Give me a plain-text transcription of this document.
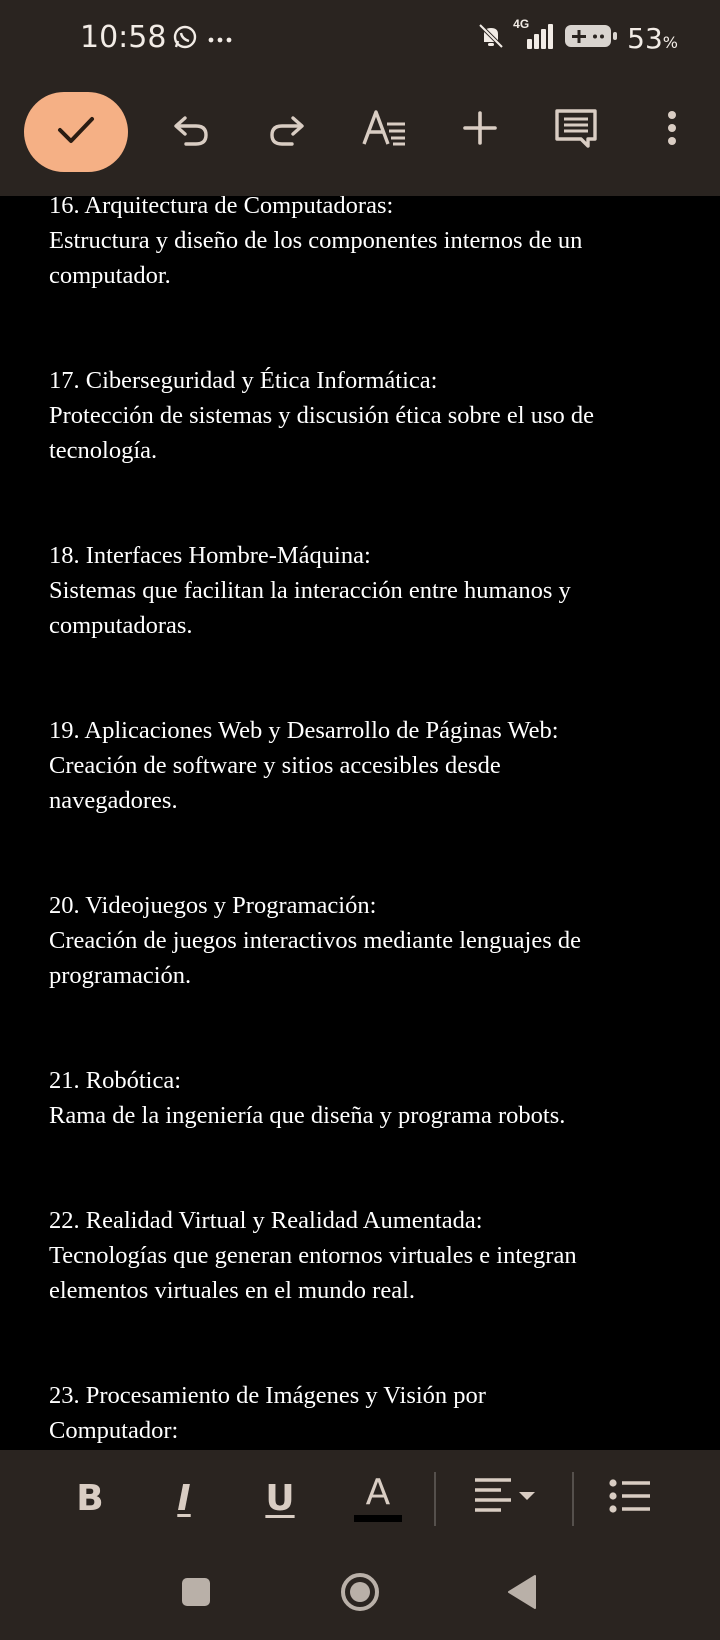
10:58	4G	53%

16. Arquitectura de Computadoras:

Estructura y diseño de los componentes internos de un

computador.

17. Ciberseguridad y Ética Informática:

Protección de sistemas y discusión ética sobre el uso de

tecnología.

18. Interfaces Hombre-Máquina:

Sistemas que facilitan la interacción entre humanos y

computadoras.

19. Aplicaciones Web y Desarrollo de Páginas Web:

Creación de software y sitios accesibles desde

navegadores.

20. Videojuegos y Programación:

Creación de juegos interactivos mediante lenguajes de

programación.

21. Robótica:

Rama de la ingeniería que diseña y programa robots.

22. Realidad Virtual y Realidad Aumentada:

Tecnologías que generan entornos virtuales e integran

elementos virtuales en el mundo real.

23. Procesamiento de Imágenes y Visión por

Computador:

B I U A
